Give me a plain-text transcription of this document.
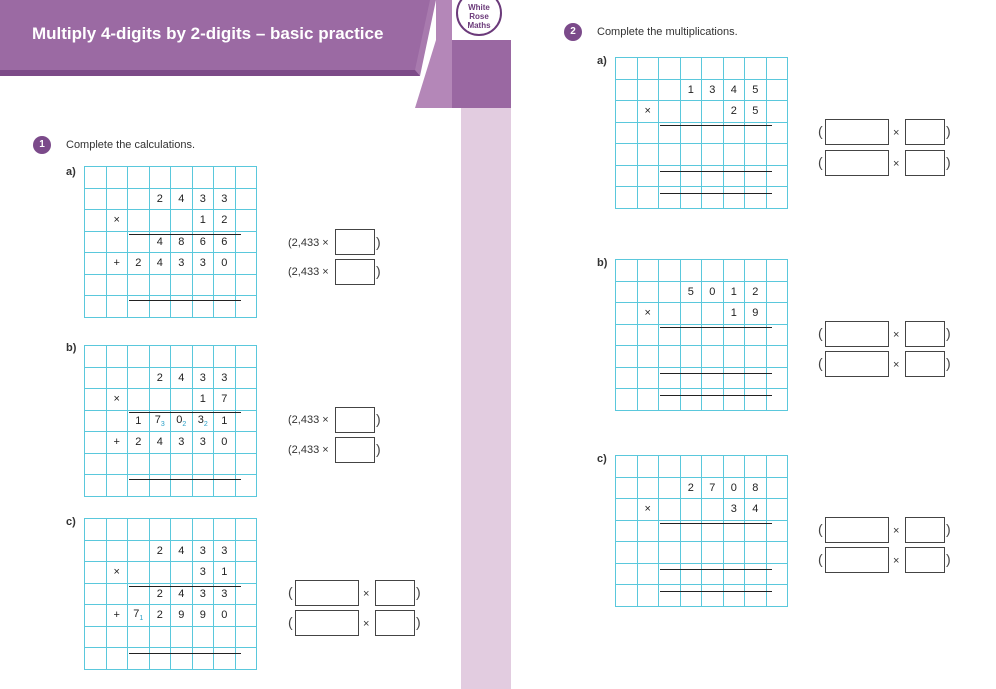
Multiply 4-digits by 2-digits – basic practice
White
Rose
Maths
1	Complete the calculations.
a)

			2	4	3	3	
	×				1	2	
			4	8	6	6	
	+	2	4	3	3	0	

(2,433 ×	)
(2,433 ×	)
b)

			2	4	3	3	
	×				1	7	
		1	$7_3$	$0_2$	$3_2$	1	
	+	2	4	3	3	0	

(2,433 ×	)
(2,433 ×	)
c)

			2	4	3	3	
	×				3	1	
			2	4	3	3	
	+	$7_1$	2	9	9	0	

(	×	)
(	×	)
2	Complete the multiplications.
a)

			1	3	4	5	
	×				2	5	

(	×	)
(	×	)
b)

			5	0	1	2	
	×				1	9	

(	×	)
(	×	)
c)

			2	7	0	8	
	×				3	4	

(	×	)
(	×	)
